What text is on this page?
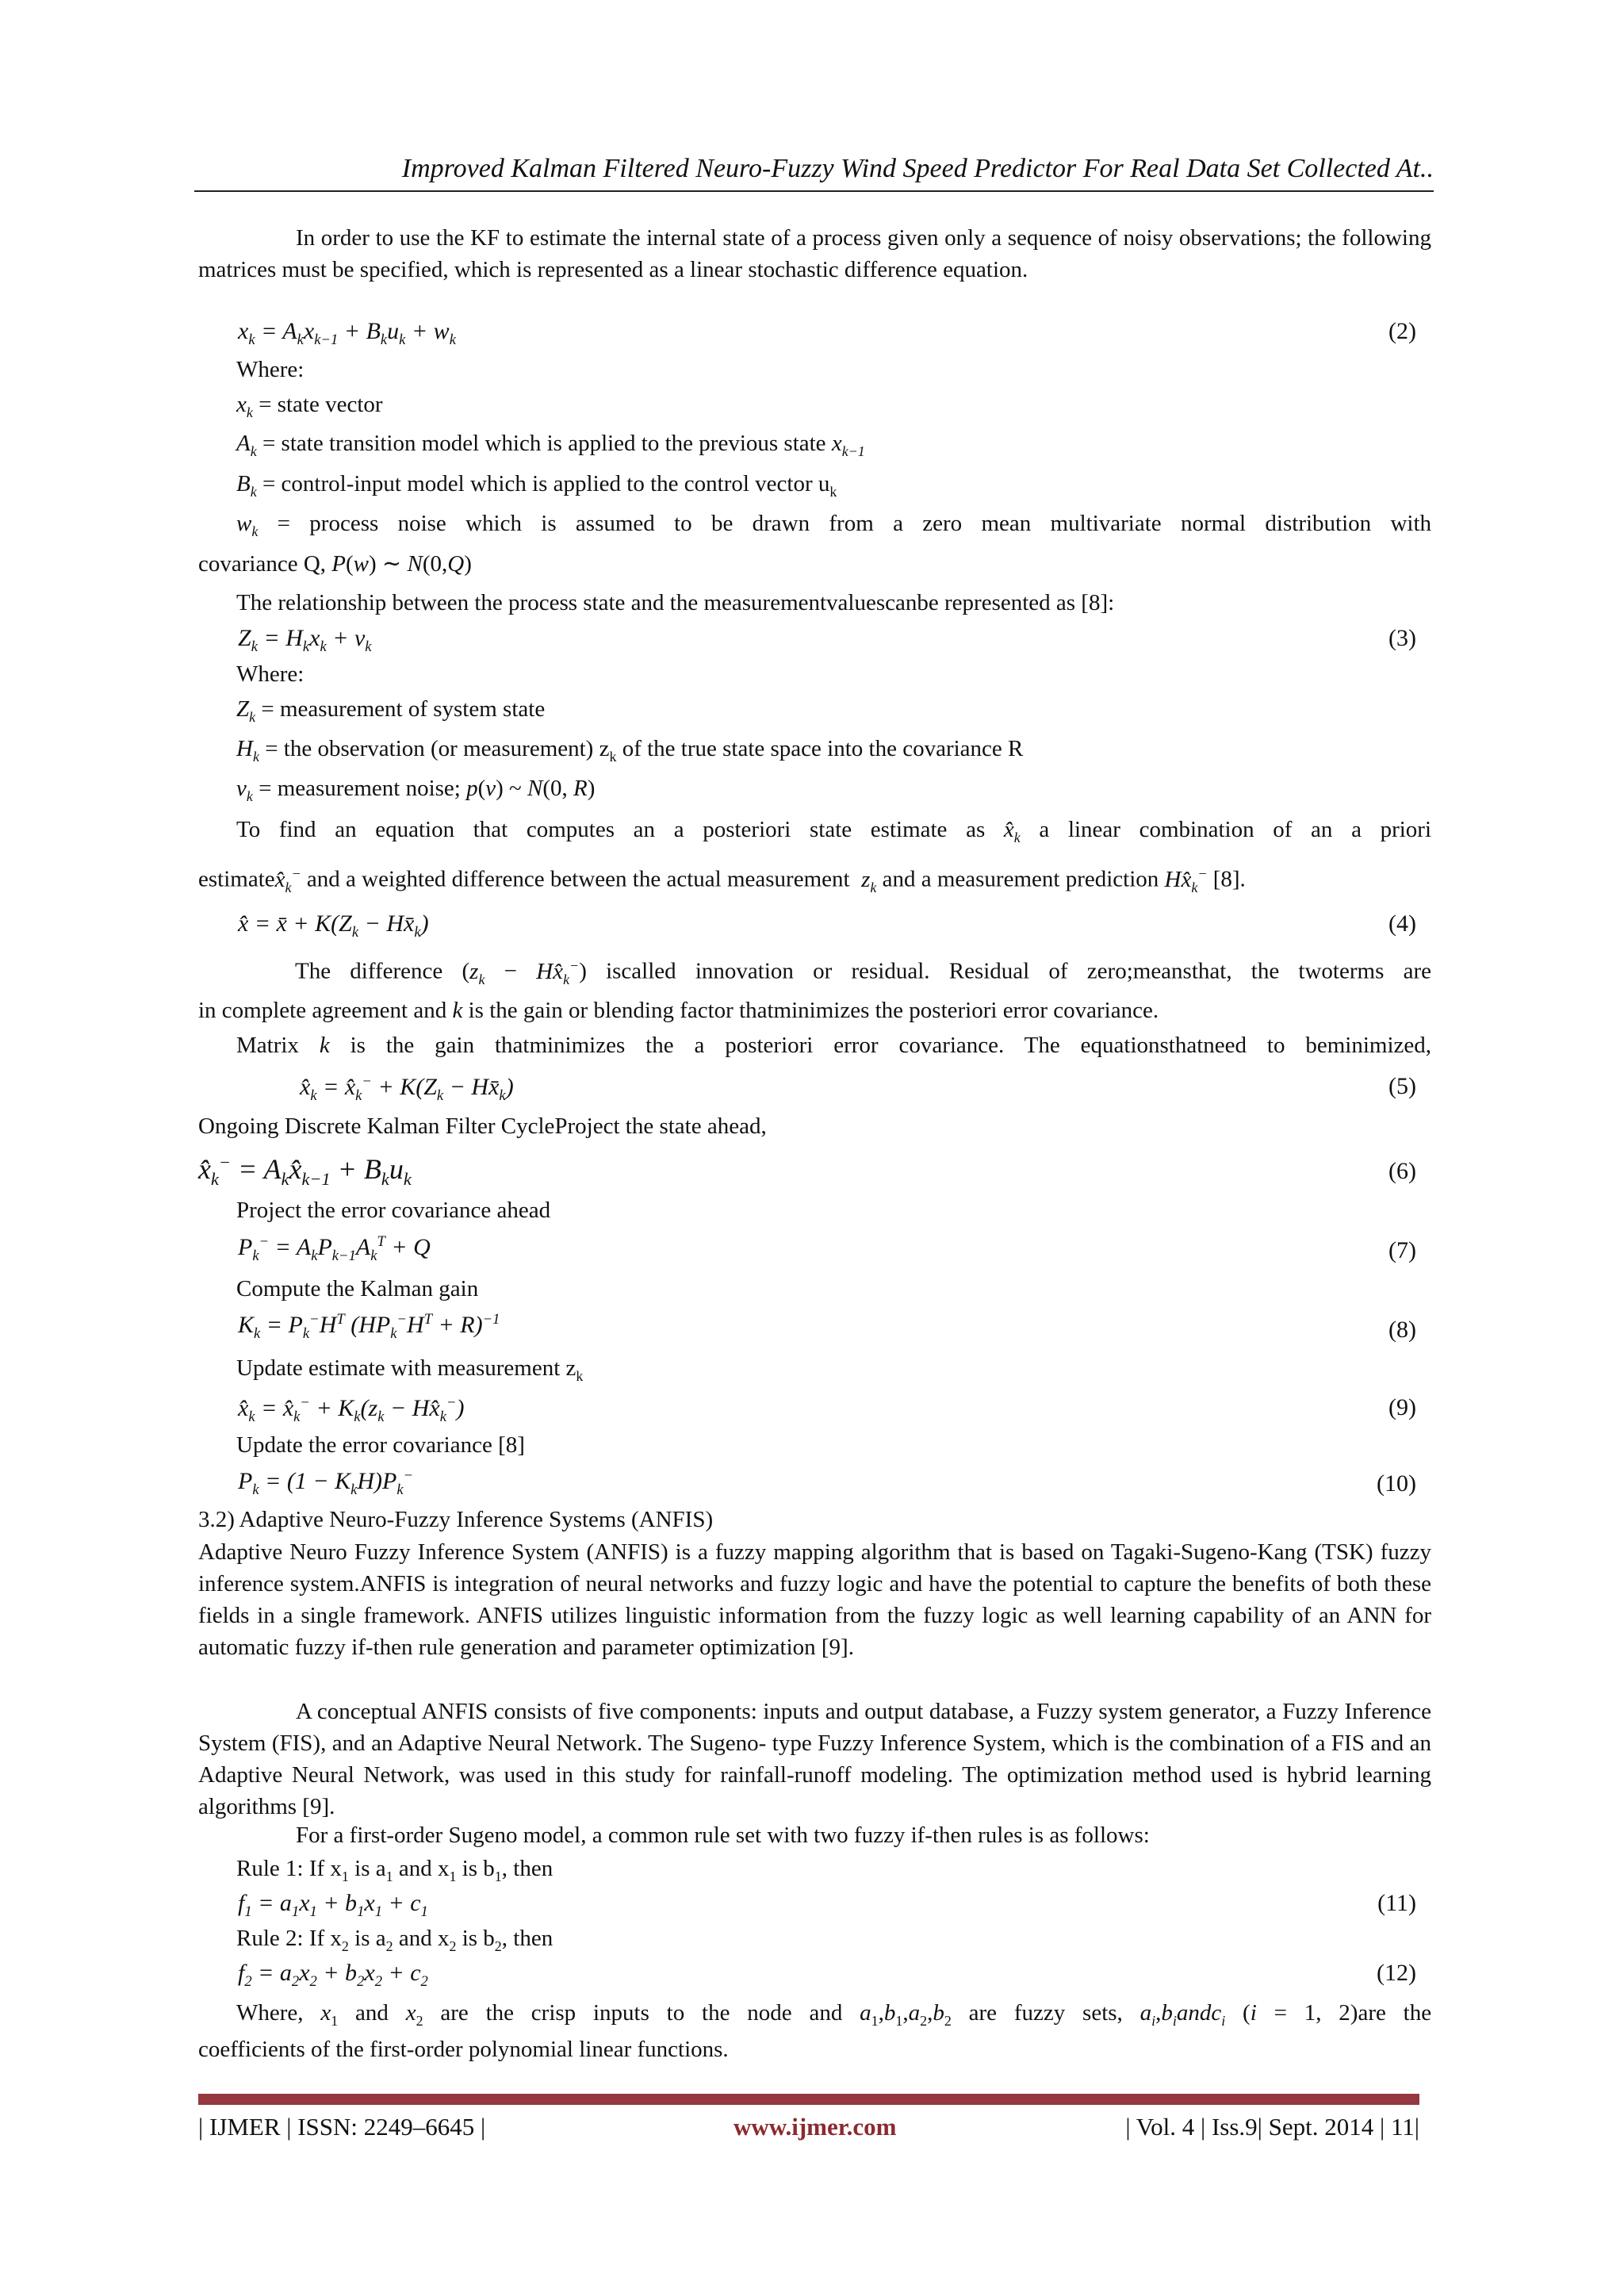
Improved Kalman Filtered Neuro-Fuzzy Wind Speed Predictor For Real Data Set Collected At..
In order to use the KF to estimate the internal state of a process given only a sequence of noisy observations; the following matrices must be specified, which is represented as a linear stochastic difference equation.
$x_k = A_kx_{k-1} + B_ku_k + w_k$	(2)
Where:
$x_k$ = state vector
$A_k$ = state transition model which is applied to the previous state $x_{k-1}$
$B_k$ = control-input model which is applied to the control vector $u_k$
$w_k$ = process noise which is assumed to be drawn from a zero mean multivariate normal distribution with
covariance Q, P(w) ∼ N(0,Q)
The relationship between the process state and the measurementvaluescanbe represented as [8]:
$Z_k = H_kx_k + v_k$	(3)
Where:
$Z_k$ = measurement of system state
$H_k$ = the observation (or measurement) $z_k$ of the true state space into the covariance R
$v_k$ = measurement noise; p(v) ~ N(0, R)
To find an equation that computes an a posteriori state estimate as $x̂_k$ a linear combination of an a priori
$estimatex̂_k^-$ and a weighted difference between the actual measurement $z_k$ and a measurement prediction $Hx̂_k^-$ [8].
x̂ = x̄ + $K(Z_k$ − $Hx̄_k$)	(4)
The difference ($z_k$ − $Hx̂_k^-$) iscalled innovation or residual. Residual of zero;meansthat, the twoterms are
in complete agreement and k is the gain or blending factor thatminimizes the posteriori error covariance.
Matrix k is the gain thatminimizes the a posteriori error covariance. The equationsthatneed to beminimized,
$x̂_k$ = $x̂_k^- + K(Z_k$ − $Hx̄_k$)	(5)
Ongoing Discrete Kalman Filter CycleProject the state ahead,
$x̂_k^-$ = $A_kx̂_{k-1} + B_ku_k$	(6)
Project the error covariance ahead
$P_k^- = A_kP_{k-1}A_k^T + Q$	(7)
Compute the Kalman gain
$K_k = P_k^-H^T$ $(HP_k^-H^T + R)^{-1}$	(8)
Update estimate with measurement $z_k$
$x̂_k$ = $x̂_k^- + K_k(z_k$ − $Hx̂_k^-$)	(9)
Update the error covariance [8]
$P_k = (1 - K_kH)P_k^-$	(10)
3.2) Adaptive Neuro-Fuzzy Inference Systems (ANFIS)
Adaptive Neuro Fuzzy Inference System (ANFIS) is a fuzzy mapping algorithm that is based on Tagaki-Sugeno-Kang (TSK) fuzzy inference system.ANFIS is integration of neural networks and fuzzy logic and have the potential to capture the benefits of both these fields in a single framework. ANFIS utilizes linguistic information from the fuzzy logic as well learning capability of an ANN for automatic fuzzy if-then rule generation and parameter optimization [9].
A conceptual ANFIS consists of five components: inputs and output database, a Fuzzy system generator, a Fuzzy Inference System (FIS), and an Adaptive Neural Network. The Sugeno- type Fuzzy Inference System, which is the combination of a FIS and an Adaptive Neural Network, was used in this study for rainfall-runoff modeling. The optimization method used is hybrid learning algorithms [9].
For a first-order Sugeno model, a common rule set with two fuzzy if-then rules is as follows:
Rule 1: If $x_1$ is $a_1$ and $x_1$ is $b_1$, then
$f_1 = a_1x_1 + b_1x_1 + c_1$	(11)
Rule 2: If $x_2$ is $a_2$ and $x_2$ is $b_2$, then
$f_2 = a_2x_2 + b_2x_2 + c_2$	(12)
Where, $x_1$ and $x_2$ are the crisp inputs to the node and $a_1,b_1,a_2,b_2$ are fuzzy sets, $a_i,b_iandc_i$ (i = 1, 2)are the
coefficients of the first-order polynomial linear functions.
| IJMER | ISSN: 2249–6645 |	www.ijmer.com	| Vol. 4 | Iss.9| Sept. 2014 | 11|
